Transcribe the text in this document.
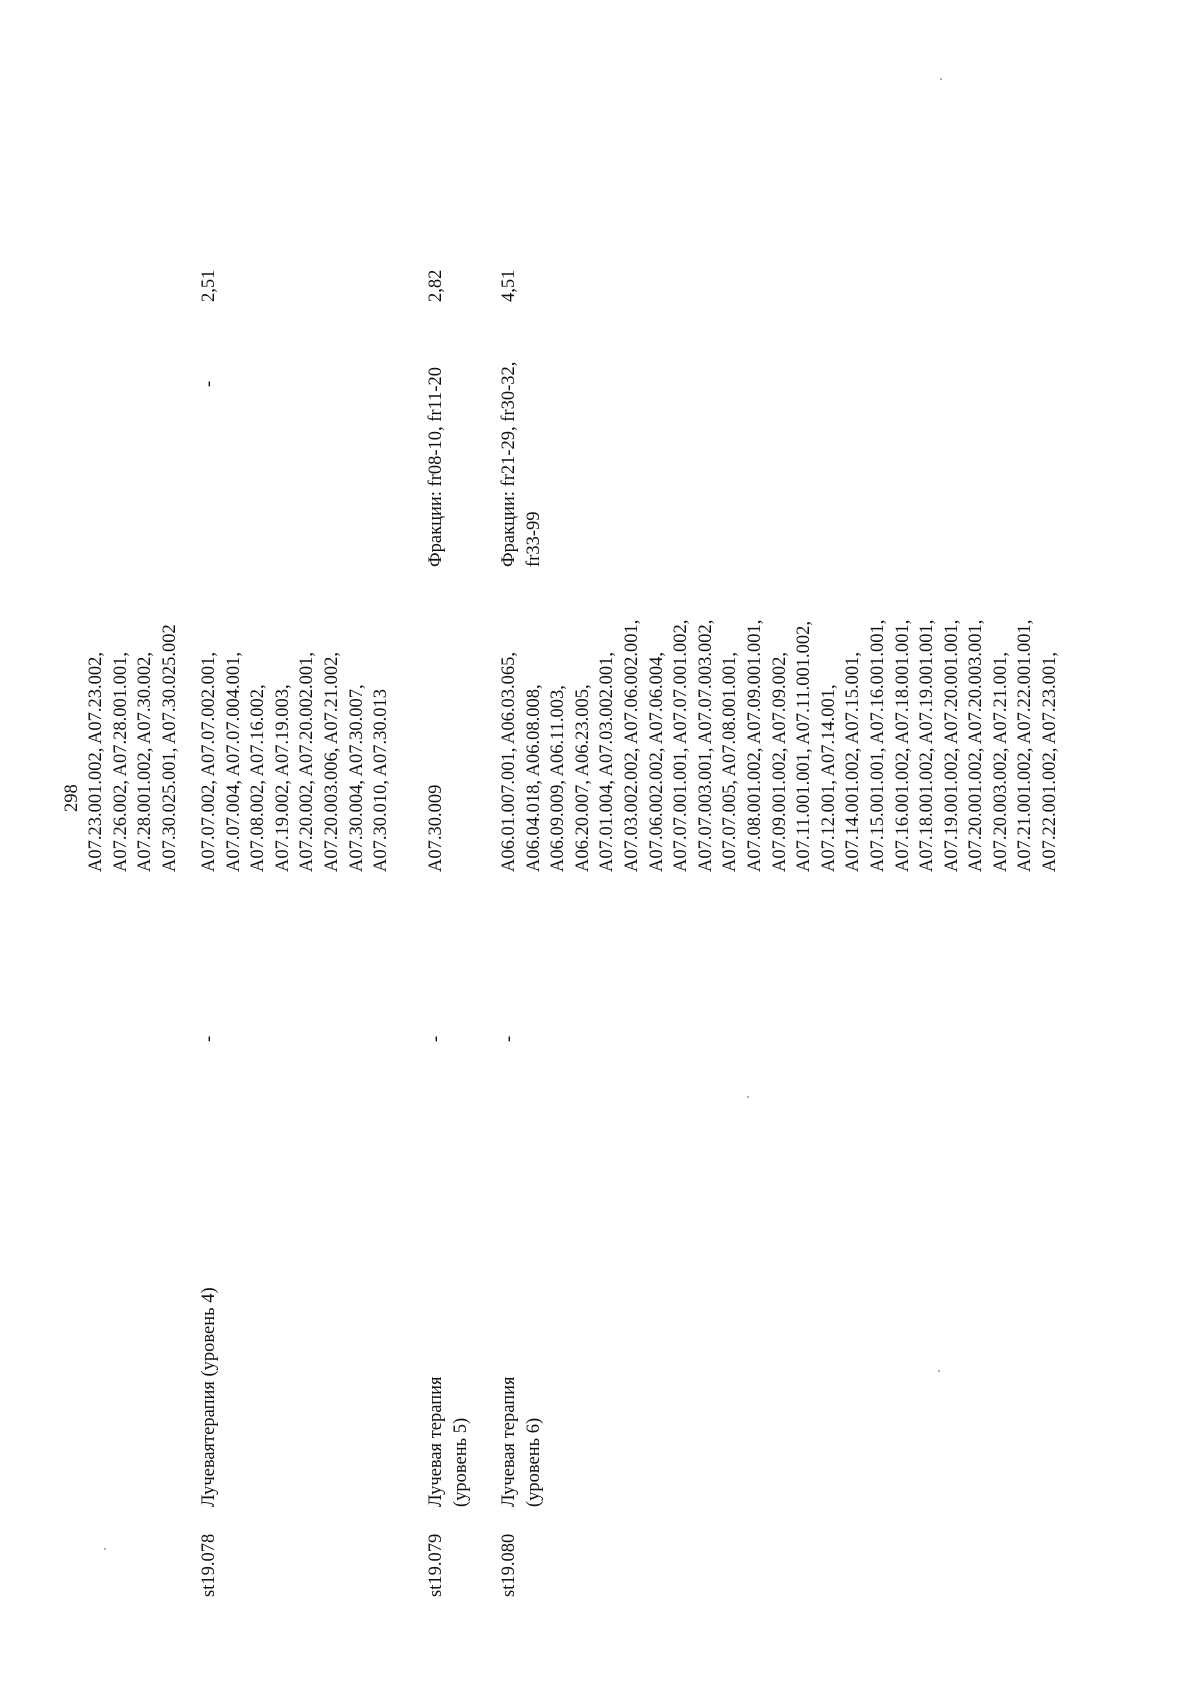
298 A07.23.001.002, A07.23.002, A07.26.002, A07.28.001.001, A07.28.001.002, A07.30.002, A07.30.025.001, A07.30.025.002
st19.078
Лучеваятерапия (уровень 4)
-
A07.07.002, A07.07.002.001, A07.07.004, A07.07.004.001, A07.08.002, A07.16.002, A07.19.002, A07.19.003, A07.20.002, A07.20.002.001, A07.20.003.006, A07.21.002, A07.30.004, A07.30.007, A07.30.010, A07.30.013
-
2,51
st19.079
Лучевая терапия (уровень 5)
-
A07.30.009
Фракции: fr08-10, fr11-20
2,82
st19.080
Лучевая терапия (уровень 6)
-
A06.01.007.001, A06.03.065, A06.04.018, A06.08.008, A06.09.009, A06.11.003, A06.20.007, A06.23.005, A07.01.004, A07.03.002.001, A07.03.002.002, A07.06.002.001, A07.06.002.002, A07.06.004, A07.07.001.001, A07.07.001.002, A07.07.003.001, A07.07.003.002, A07.07.005, A07.08.001.001, A07.08.001.002, A07.09.001.001, A07.09.001.002, A07.09.002, A07.11.001.001, A07.11.001.002, A07.12.001, A07.14.001, A07.14.001.002, A07.15.001, A07.15.001.001, A07.16.001.001, A07.16.001.002, A07.18.001.001, A07.18.001.002, A07.19.001.001, A07.19.001.002, A07.20.001.001, A07.20.001.002, A07.20.003.001, A07.20.003.002, A07.21.001, A07.21.001.002, A07.22.001.001, A07.22.001.002, A07.23.001,
Фракции: fr21-29, fr30-32, fr33-99
4,51
